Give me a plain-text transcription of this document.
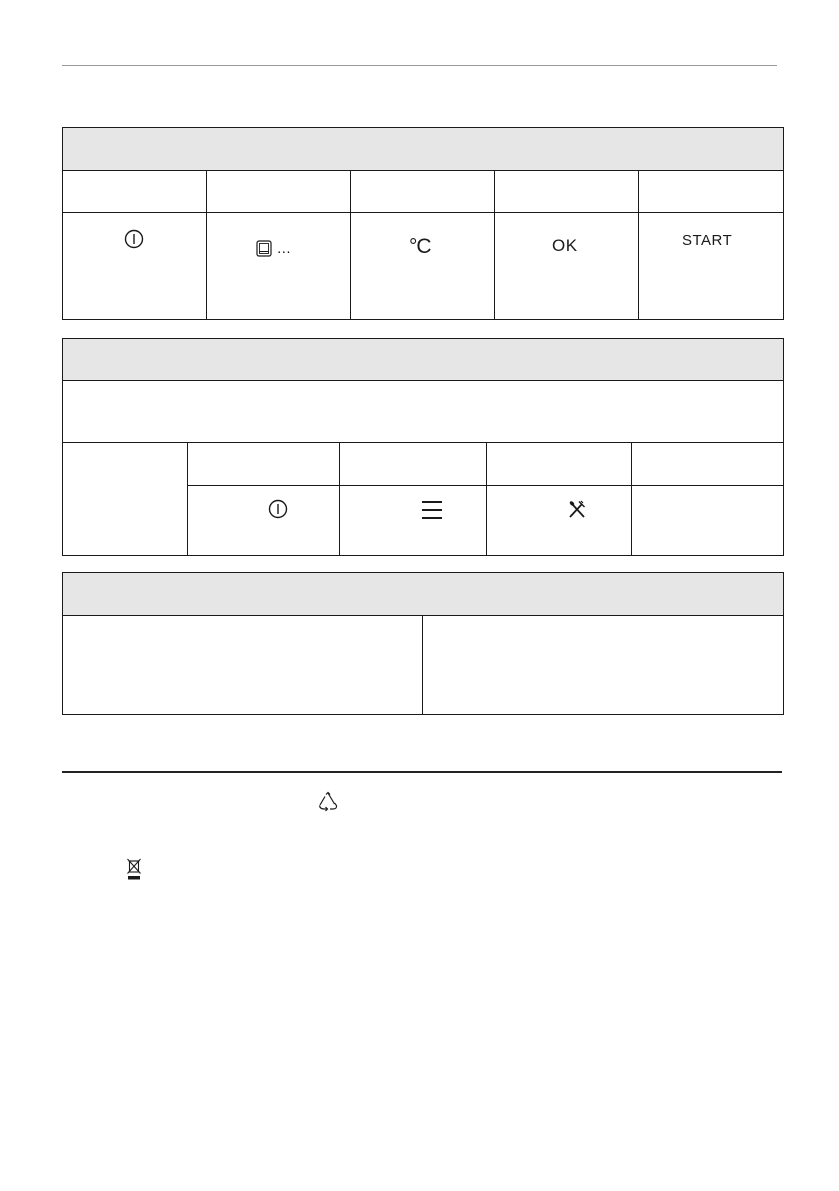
...	°C	OK	START
